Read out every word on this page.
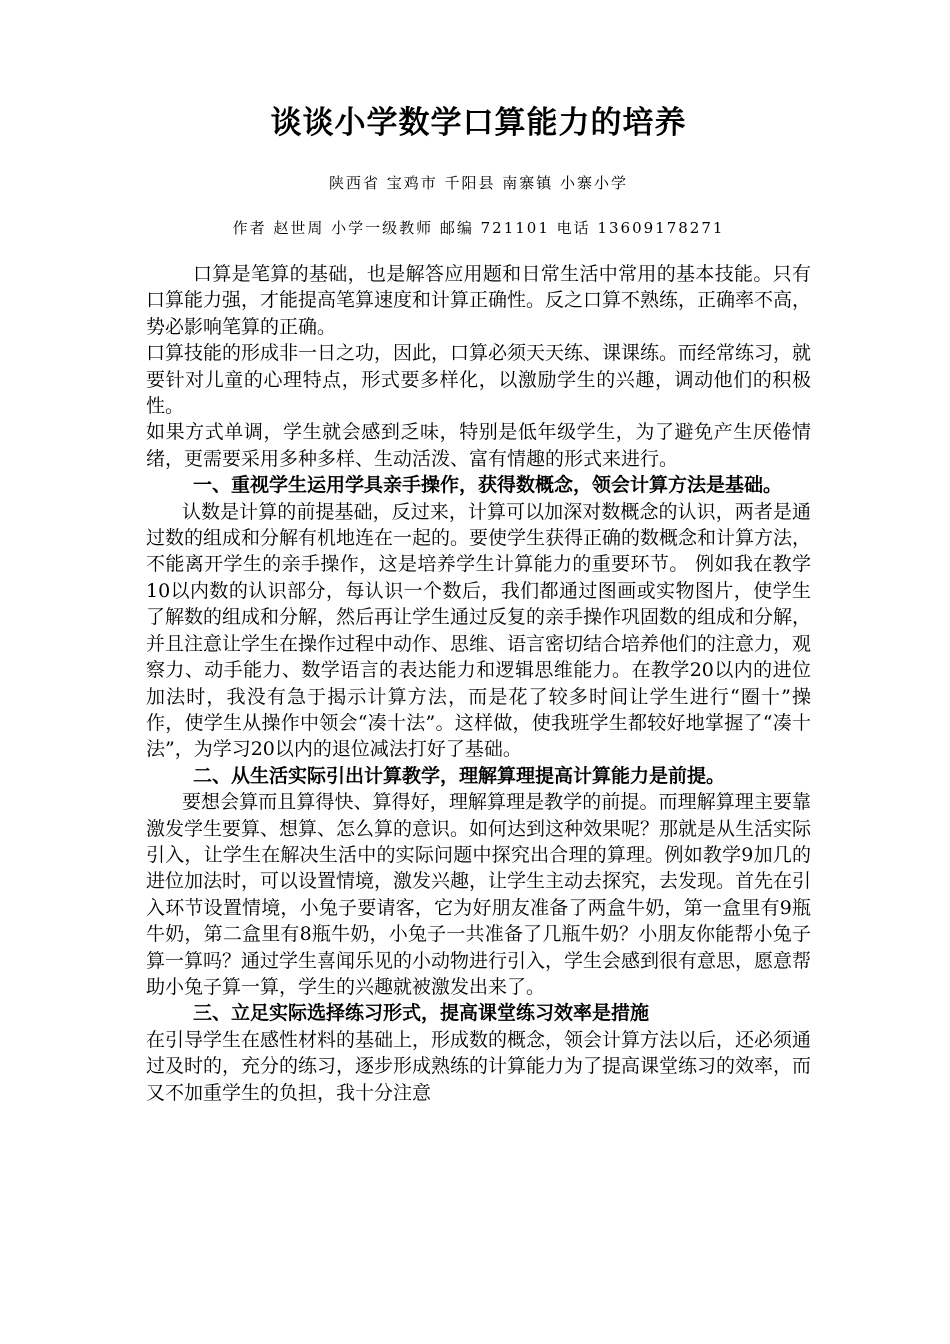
谈谈小学数学口算能力的培养

陕西省 宝鸡市 千阳县 南寨镇 小寨小学

作者 赵世周 小学一级教师 邮编 721101 电话 13609178271

口算是笔算的基础，也是解答应用题和日常生活中常用的基本技能。只有口算能力强，才能提高笔算速度和计算正确性。反之口算不熟练，正确率不高，势必影响笔算的正确。

口算技能的形成非一日之功，因此，口算必须天天练、课课练。而经常练习，就要针对儿童的心理特点，形式要多样化，以激励学生的兴趣，调动他们的积极性。

如果方式单调，学生就会感到乏味，特别是低年级学生，为了避免产生厌倦情绪，更需要采用多种多样、生动活泼、富有情趣的形式来进行。

一、重视学生运用学具亲手操作，获得数概念，领会计算方法是基础。

认数是计算的前提基础，反过来，计算可以加深对数概念的认识，两者是通过数的组成和分解有机地连在一起的。要使学生获得正确的数概念和计算方法，不能离开学生的亲手操作，这是培养学生计算能力的重要环节。 例如我在教学10以内数的认识部分，每认识一个数后，我们都通过图画或实物图片，使学生了解数的组成和分解，然后再让学生通过反复的亲手操作巩固数的组成和分解，并且注意让学生在操作过程中动作、思维、语言密切结合培养他们的注意力，观察力、动手能力、数学语言的表达能力和逻辑思维能力。在教学20以内的进位加法时，我没有急于揭示计算方法，而是花了较多时间让学生进行“圈十”操作，使学生从操作中领会“凑十法”。这样做，使我班学生都较好地掌握了“凑十法”，为学习20以内的退位减法打好了基础。

二、从生活实际引出计算教学，理解算理提高计算能力是前提。

要想会算而且算得快、算得好，理解算理是教学的前提。而理解算理主要靠激发学生要算、想算、怎么算的意识。如何达到这种效果呢？那就是从生活实际引入，让学生在解决生活中的实际问题中探究出合理的算理。例如教学9加几的进位加法时，可以设置情境，激发兴趣，让学生主动去探究，去发现。首先在引入环节设置情境，小兔子要请客，它为好朋友准备了两盒牛奶，第一盒里有9瓶牛奶，第二盒里有8瓶牛奶，小兔子一共准备了几瓶牛奶？小朋友你能帮小兔子算一算吗？通过学生喜闻乐见的小动物进行引入，学生会感到很有意思，愿意帮助小兔子算一算，学生的兴趣就被激发出来了。

三、立足实际选择练习形式，提高课堂练习效率是措施

在引导学生在感性材料的基础上，形成数的概念，领会计算方法以后，还必须通过及时的，充分的练习，逐步形成熟练的计算能力为了提高课堂练习的效率，而又不加重学生的负担，我十分注意
